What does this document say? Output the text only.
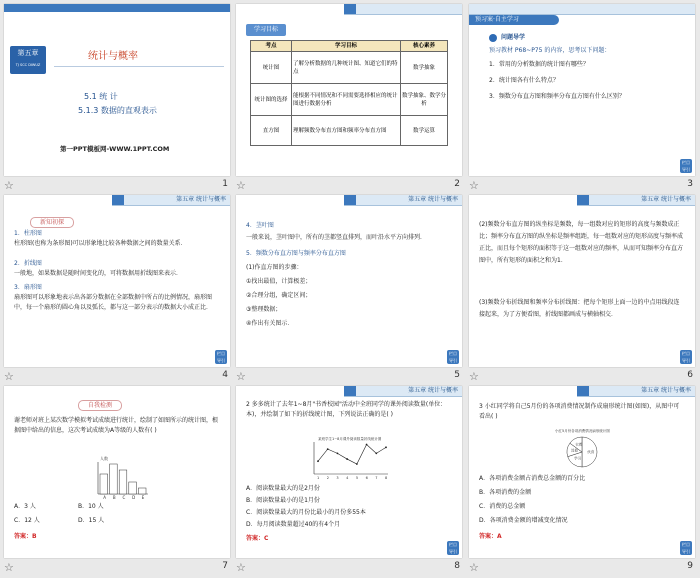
第五章
TJ SCC DIWUZ
统计与概率
5.1 统 计
5.1.3 数据的直观表示
第一PPT模板网-WWW.1PPT.COM
☆	1
学习目标
考点	学习目标	核心素养
统计图	了解分析数据的几种统计图、知道它们的特点	数学抽象
统计图的选择	能根据不同情况和不同需要选择相应的统计图进行数据分析	数学抽象、数学分析
直方图	理解频数分布直方图和频率分布直方图	数学运算
☆	2
预习案·自主学习
问题导学
预习教材 P68~P75 的内容，思考以下问题：
1．常用的分析数据的统计图有哪些？
2．统计图各有什么特点？
3．频数分布直方图和频率分布直方图有什么区别？
栏目
导引
☆	3
第五章 统计与概率
新知初探
1．柱形图
柱形图(也称为条形图)可以形象地比较各种数据之间的数量关系．
2．折线图
一般地，如果数据是随时间变化的，可将数据用折线图来表示．
3．扇形图
扇形图可以形象地表示出各部分数据在全部数据中所占的比例情况，扇形图中，每一个扇形的圆心角以及弧长，都与这一部分表示的数据大小成正比．
栏目
导引
☆	4
第五章 统计与概率
4．茎叶图
一般来说，茎叶图中，所有的茎都竖直排列，而叶沿水平方向排列．
5．频数分布直方图与频率分布直方图
(1)作直方图的步骤：
①找出最值，计算极差；
②合理分组，确定区间；
③整理数据；
④作出有关图示．
栏目
导引
☆	5
第五章 统计与概率
(2)频数分布直方图的纵坐标是频数，每一组数对应的矩形的高度与频数成正比；频率分布直方图的纵坐标是频率组距，每一组数对应的矩形高度与频率成正比，而且每个矩形的面积等于这一组数对应的频率，从而可知频率分布直方图中，所有矩形的面积之和为1．
(3)频数分布折线图和频率分布折线图：把每个矩形上面一边的中点用线段连接起来，为了方便看图，折线图都画成与横轴相交．
栏目
导引
☆	6
自我检测
谢老师对班上某次数学模拟考试成绩进行统计，绘制了如图所示的统计图，根据图中给出的信息，这次考试成绩为A等级的人数有( )
人数
A B C D E
A．3 人	B．10 人
C．12 人	D．15 人
答案：B
☆	7
第五章 统计与概率
2 多多统计了去年1~8月"书香校园"活动中全班同学的课外阅读数量(单位：本)，并绘制了如下的折线统计图，下列说法正确的是( )
某班学生1~8月课外阅读数量折线统计图
1 2 3 4 5 6 7 8
A．阅读数量最大的是2月份
B．阅读数量最小的是1月份
C．阅读数量最大的月份比最小的月份多55本
D．每月阅读数量超过40的有4个月
答案：C
栏目
导引
☆	8
第五章 统计与概率
3 小红同学将自己5月份的各项消费情况制作成扇形统计图(如图)，从图中可看出( )
小红5月份各项消费情况扇形统计图
伙食
学习
其他
衣着
A．各项消费金额占消费总金额的百分比
B．各项消费的金额
C．消费的总金额
D．各项消费金额的增减变化情况
答案：A
栏目
导引
☆	9
